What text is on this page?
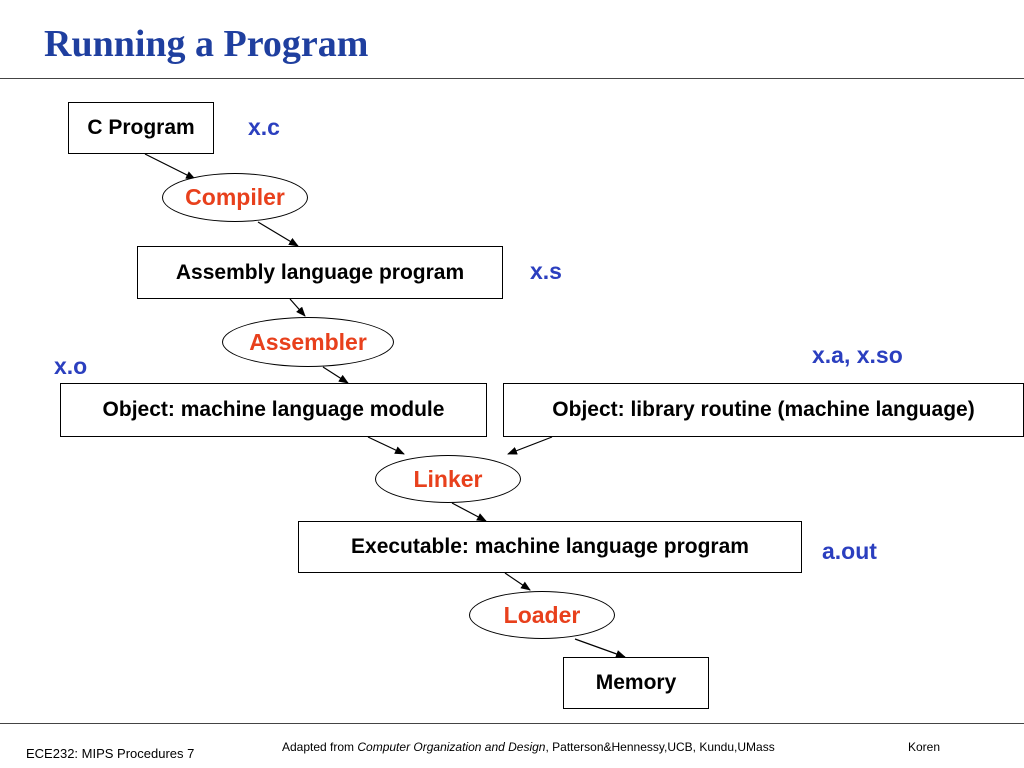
Running a Program
C Program	x.c
Compiler
Assembly language program	x.s
Assembler
x.o	x.a, x.so
Object: machine language module	Object: library routine (machine language)
Linker
Executable: machine language program	a.out
Loader
Memory
ECE232: MIPS Procedures 7	Adapted from Computer Organization and Design, Patterson&Hennessy,UCB, Kundu,UMass	Koren
